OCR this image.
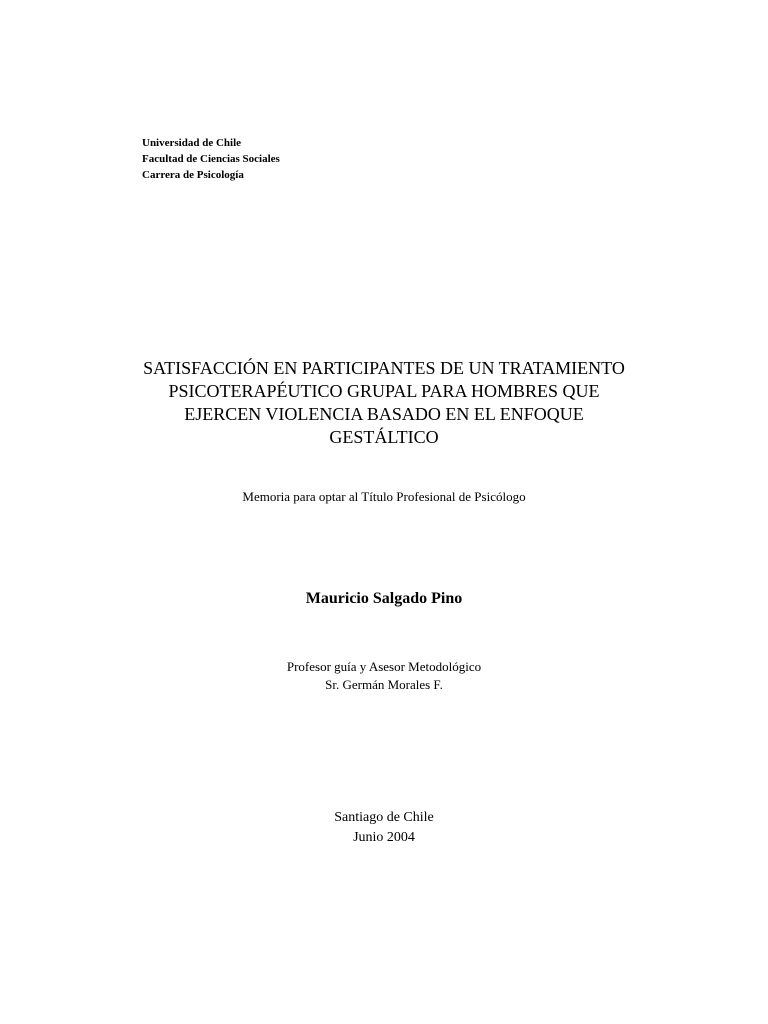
Universidad de Chile
Facultad de Ciencias Sociales
Carrera de Psicología
SATISFACCIÓN EN PARTICIPANTES DE UN TRATAMIENTO
PSICOTERAPÉUTICO GRUPAL PARA HOMBRES QUE
EJERCEN VIOLENCIA BASADO EN EL ENFOQUE
GESTÁLTICO
Memoria para optar al Título Profesional de Psicólogo
Mauricio Salgado Pino
Profesor guía y Asesor Metodológico
Sr. Germán Morales F.
Santiago de Chile
Junio 2004
